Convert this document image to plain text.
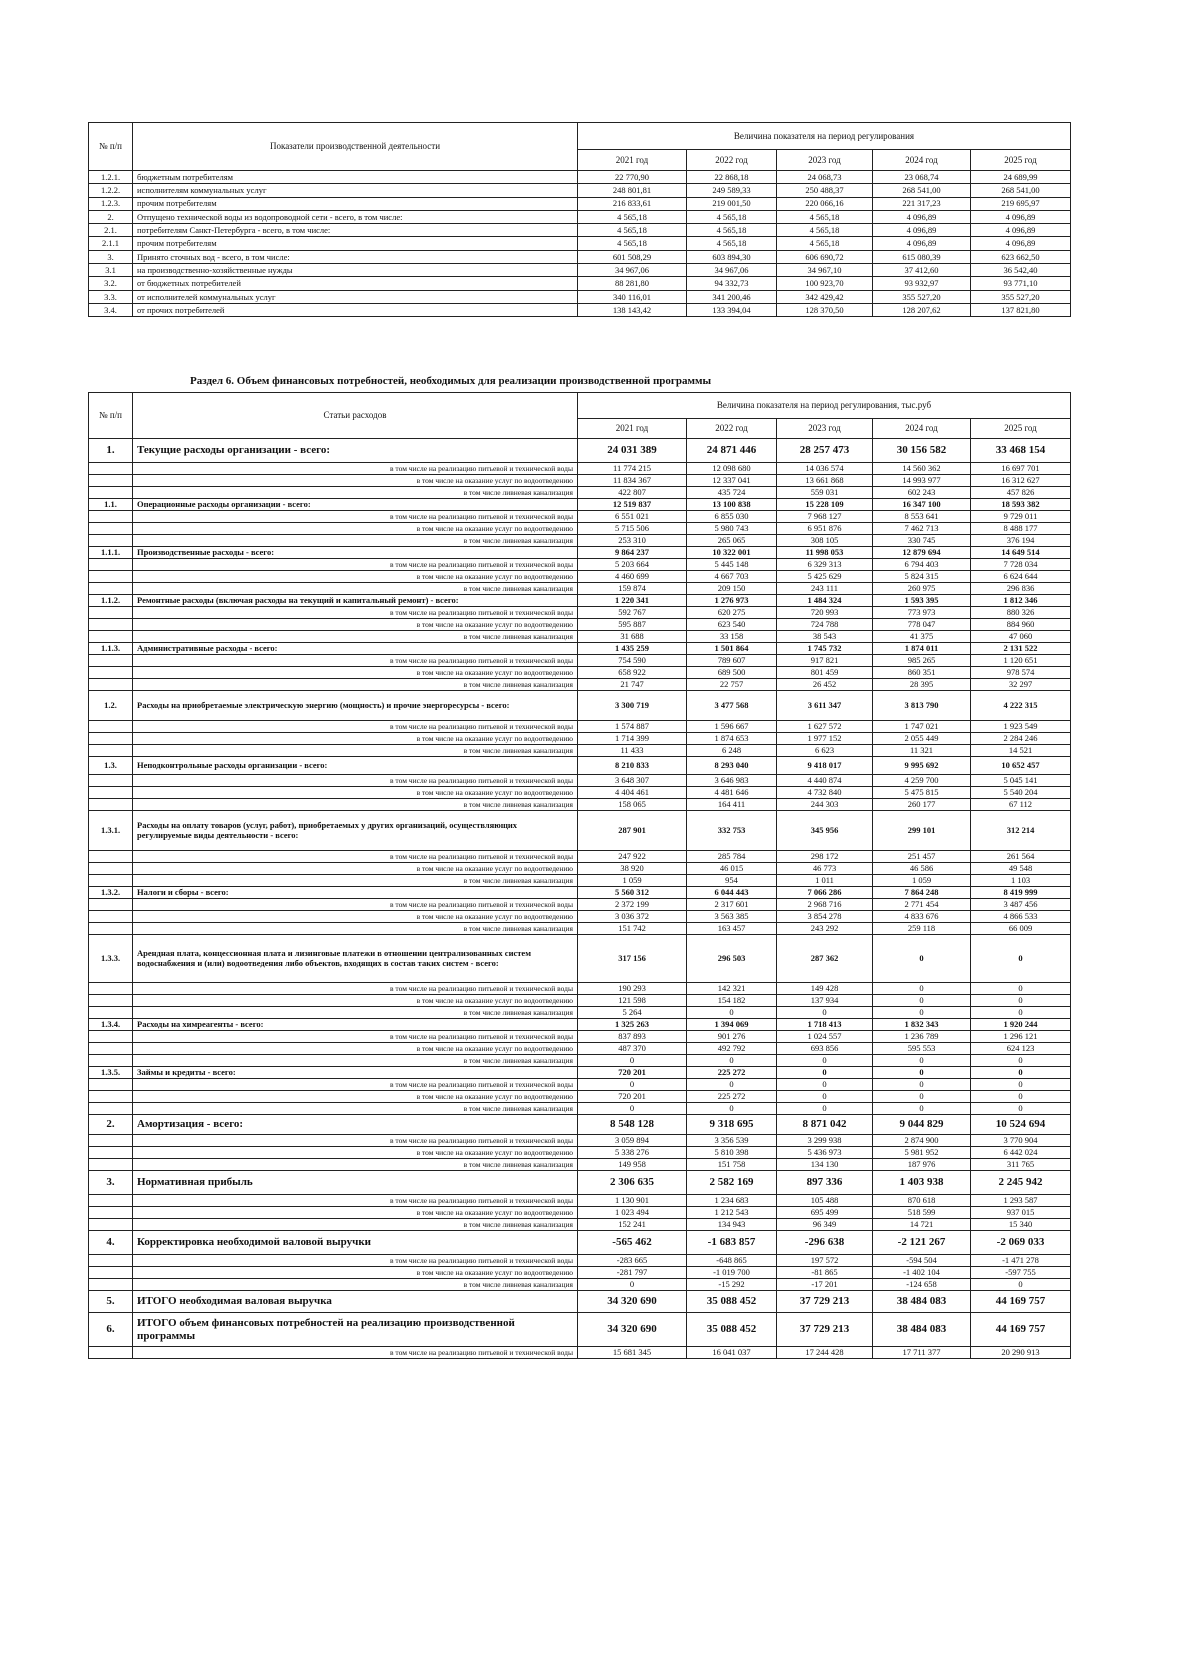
№ п/п	Показатели производственной деятельности	Величина показателя на период регулирования				
		2021 год	2022 год	2023 год	2024 год	2025 год
1.2.1.	бюджетным потребителям	22 770,90	22 868,18	24 068,73	23 068,74	24 689,99
1.2.2.	исполнителям коммунальных услуг	248 801,81	249 589,33	250 488,37	268 541,00	268 541,00
1.2.3.	прочим потребителям	216 833,61	219 001,50	220 066,16	221 317,23	219 695,97
2.	Отпущено технической воды из водопроводной сети - всего, в том числе:	4 565,18	4 565,18	4 565,18	4 096,89	4 096,89
2.1.	потребителям Санкт-Петербурга - всего, в том числе:	4 565,18	4 565,18	4 565,18	4 096,89	4 096,89
2.1.1	прочим потребителям	4 565,18	4 565,18	4 565,18	4 096,89	4 096,89
3.	Принято сточных вод - всего, в том числе:	601 508,29	603 894,30	606 690,72	615 080,39	623 662,50
3.1	на производственно-хозяйственные нужды	34 967,06	34 967,06	34 967,10	37 412,60	36 542,40
3.2.	от бюджетных потребителей	88 281,80	94 332,73	100 923,70	93 932,97	93 771,10
3.3.	от исполнителей коммунальных услуг	340 116,01	341 200,46	342 429,42	355 527,20	355 527,20
3.4.	от прочих потребителей	138 143,42	133 394,04	128 370,50	128 207,62	137 821,80
Раздел 6. Объем финансовых потребностей, необходимых для реализации производственной программы
№ п/п	Статьи расходов	Величина показателя на период регулирования, тыс.руб				
		2021 год	2022 год	2023 год	2024 год	2025 год
1.	Текущие расходы организации - всего:	24 031 389	24 871 446	28 257 473	30 156 582	33 468 154
	в том числе на реализацию питьевой и технической воды	11 774 215	12 098 680	14 036 574	14 560 362	16 697 701
	в том числе на оказание услуг по водоотведению	11 834 367	12 337 041	13 661 868	14 993 977	16 312 627
	в том числе ливневая канализация	422 807	435 724	559 031	602 243	457 826
1.1.	Операционные расходы организации - всего:	12 519 837	13 100 838	15 228 109	16 347 100	18 593 382
	в том числе на реализацию питьевой и технической воды	6 551 021	6 855 030	7 968 127	8 553 641	9 729 011
	в том числе на оказание услуг по водоотведению	5 715 506	5 980 743	6 951 876	7 462 713	8 488 177
	в том числе ливневая канализация	253 310	265 065	308 105	330 745	376 194
1.1.1.	Производственные расходы - всего:	9 864 237	10 322 001	11 998 053	12 879 694	14 649 514
	в том числе на реализацию питьевой и технической воды	5 203 664	5 445 148	6 329 313	6 794 403	7 728 034
	в том числе на оказание услуг по водоотведению	4 460 699	4 667 703	5 425 629	5 824 315	6 624 644
	в том числе ливневая канализация	159 874	209 150	243 111	260 975	296 836
1.1.2.	Ремонтные расходы (включая расходы на текущий и капитальный ремонт) - всего:	1 220 341	1 276 973	1 484 324	1 593 395	1 812 346
	в том числе на реализацию питьевой и технической воды	592 767	620 275	720 993	773 973	880 326
	в том числе на оказание услуг по водоотведению	595 887	623 540	724 788	778 047	884 960
	в том числе ливневая канализация	31 688	33 158	38 543	41 375	47 060
1.1.3.	Административные расходы - всего:	1 435 259	1 501 864	1 745 732	1 874 011	2 131 522
	в том числе на реализацию питьевой и технической воды	754 590	789 607	917 821	985 265	1 120 651
	в том числе на оказание услуг по водоотведению	658 922	689 500	801 459	860 351	978 574
	в том числе ливневая канализация	21 747	22 757	26 452	28 395	32 297
1.2.	Расходы на приобретаемые электрическую энергию (мощность) и прочие энергоресурсы - всего:	3 300 719	3 477 568	3 611 347	3 813 790	4 222 315
	в том числе на реализацию питьевой и технической воды	1 574 887	1 596 667	1 627 572	1 747 021	1 923 549
	в том числе на оказание услуг по водоотведению	1 714 399	1 874 653	1 977 152	2 055 449	2 284 246
	в том числе ливневая канализация	11 433	6 248	6 623	11 321	14 521
1.3.	Неподконтрольные расходы организации - всего:	8 210 833	8 293 040	9 418 017	9 995 692	10 652 457
	в том числе на реализацию питьевой и технической воды	3 648 307	3 646 983	4 440 874	4 259 700	5 045 141
	в том числе на оказание услуг по водоотведению	4 404 461	4 481 646	4 732 840	5 475 815	5 540 204
	в том числе ливневая канализация	158 065	164 411	244 303	260 177	67 112
1.3.1.	Расходы на оплату товаров (услуг, работ), приобретаемых у других организаций, осуществляющих регулируемые виды деятельности - всего:	287 901	332 753	345 956	299 101	312 214
	в том числе на реализацию питьевой и технической воды	247 922	285 784	298 172	251 457	261 564
	в том числе на оказание услуг по водоотведению	38 920	46 015	46 773	46 586	49 548
	в том числе ливневая канализация	1 059	954	1 011	1 059	1 103
1.3.2.	Налоги и сборы - всего:	5 560 312	6 044 443	7 066 286	7 864 248	8 419 999
	в том числе на реализацию питьевой и технической воды	2 372 199	2 317 601	2 968 716	2 771 454	3 487 456
	в том числе на оказание услуг по водоотведению	3 036 372	3 563 385	3 854 278	4 833 676	4 866 533
	в том числе ливневая канализация	151 742	163 457	243 292	259 118	66 009
1.3.3.	Арендная плата, концессионная плата и лизинговые платежи в отношении централизованных систем водоснабжения и (или) водоотведения либо объектов, входящих в состав таких систем - всего:	317 156	296 503	287 362	0	0
	в том числе на реализацию питьевой и технической воды	190 293	142 321	149 428	0	0
	в том числе на оказание услуг по водоотведению	121 598	154 182	137 934	0	0
	в том числе ливневая канализация	5 264	0	0	0	0
1.3.4.	Расходы на химреагенты - всего:	1 325 263	1 394 069	1 718 413	1 832 343	1 920 244
	в том числе на реализацию питьевой и технической воды	837 893	901 276	1 024 557	1 236 789	1 296 121
	в том числе на оказание услуг по водоотведению	487 370	492 792	693 856	595 553	624 123
	в том числе ливневая канализация	0	0	0	0	0
1.3.5.	Займы и кредиты - всего:	720 201	225 272	0	0	0
	в том числе на реализацию питьевой и технической воды	0	0	0	0	0
	в том числе на оказание услуг по водоотведению	720 201	225 272	0	0	0
	в том числе ливневая канализация	0	0	0	0	0
2.	Амортизация - всего:	8 548 128	9 318 695	8 871 042	9 044 829	10 524 694
	в том числе на реализацию питьевой и технической воды	3 059 894	3 356 539	3 299 938	2 874 900	3 770 904
	в том числе на оказание услуг по водоотведению	5 338 276	5 810 398	5 436 973	5 981 952	6 442 024
	в том числе ливневая канализация	149 958	151 758	134 130	187 976	311 765
3.	Нормативная прибыль	2 306 635	2 582 169	897 336	1 403 938	2 245 942
	в том числе на реализацию питьевой и технической воды	1 130 901	1 234 683	105 488	870 618	1 293 587
	в том числе на оказание услуг по водоотведению	1 023 494	1 212 543	695 499	518 599	937 015
	в том числе ливневая канализация	152 241	134 943	96 349	14 721	15 340
4.	Корректировка необходимой валовой выручки	-565 462	-1 683 857	-296 638	-2 121 267	-2 069 033
	в том числе на реализацию питьевой и технической воды	-283 665	-648 865	197 572	-594 504	-1 471 278
	в том числе на оказание услуг по водоотведению	-281 797	-1 019 700	-81 865	-1 402 104	-597 755
	в том числе ливневая канализация	0	-15 292	-17 201	-124 658	0
5.	ИТОГО необходимая валовая выручка	34 320 690	35 088 452	37 729 213	38 484 083	44 169 757
6.	ИТОГО объем финансовых потребностей на реализацию производственной программы	34 320 690	35 088 452	37 729 213	38 484 083	44 169 757
	в том числе на реализацию питьевой и технической воды	15 681 345	16 041 037	17 244 428	17 711 377	20 290 913
